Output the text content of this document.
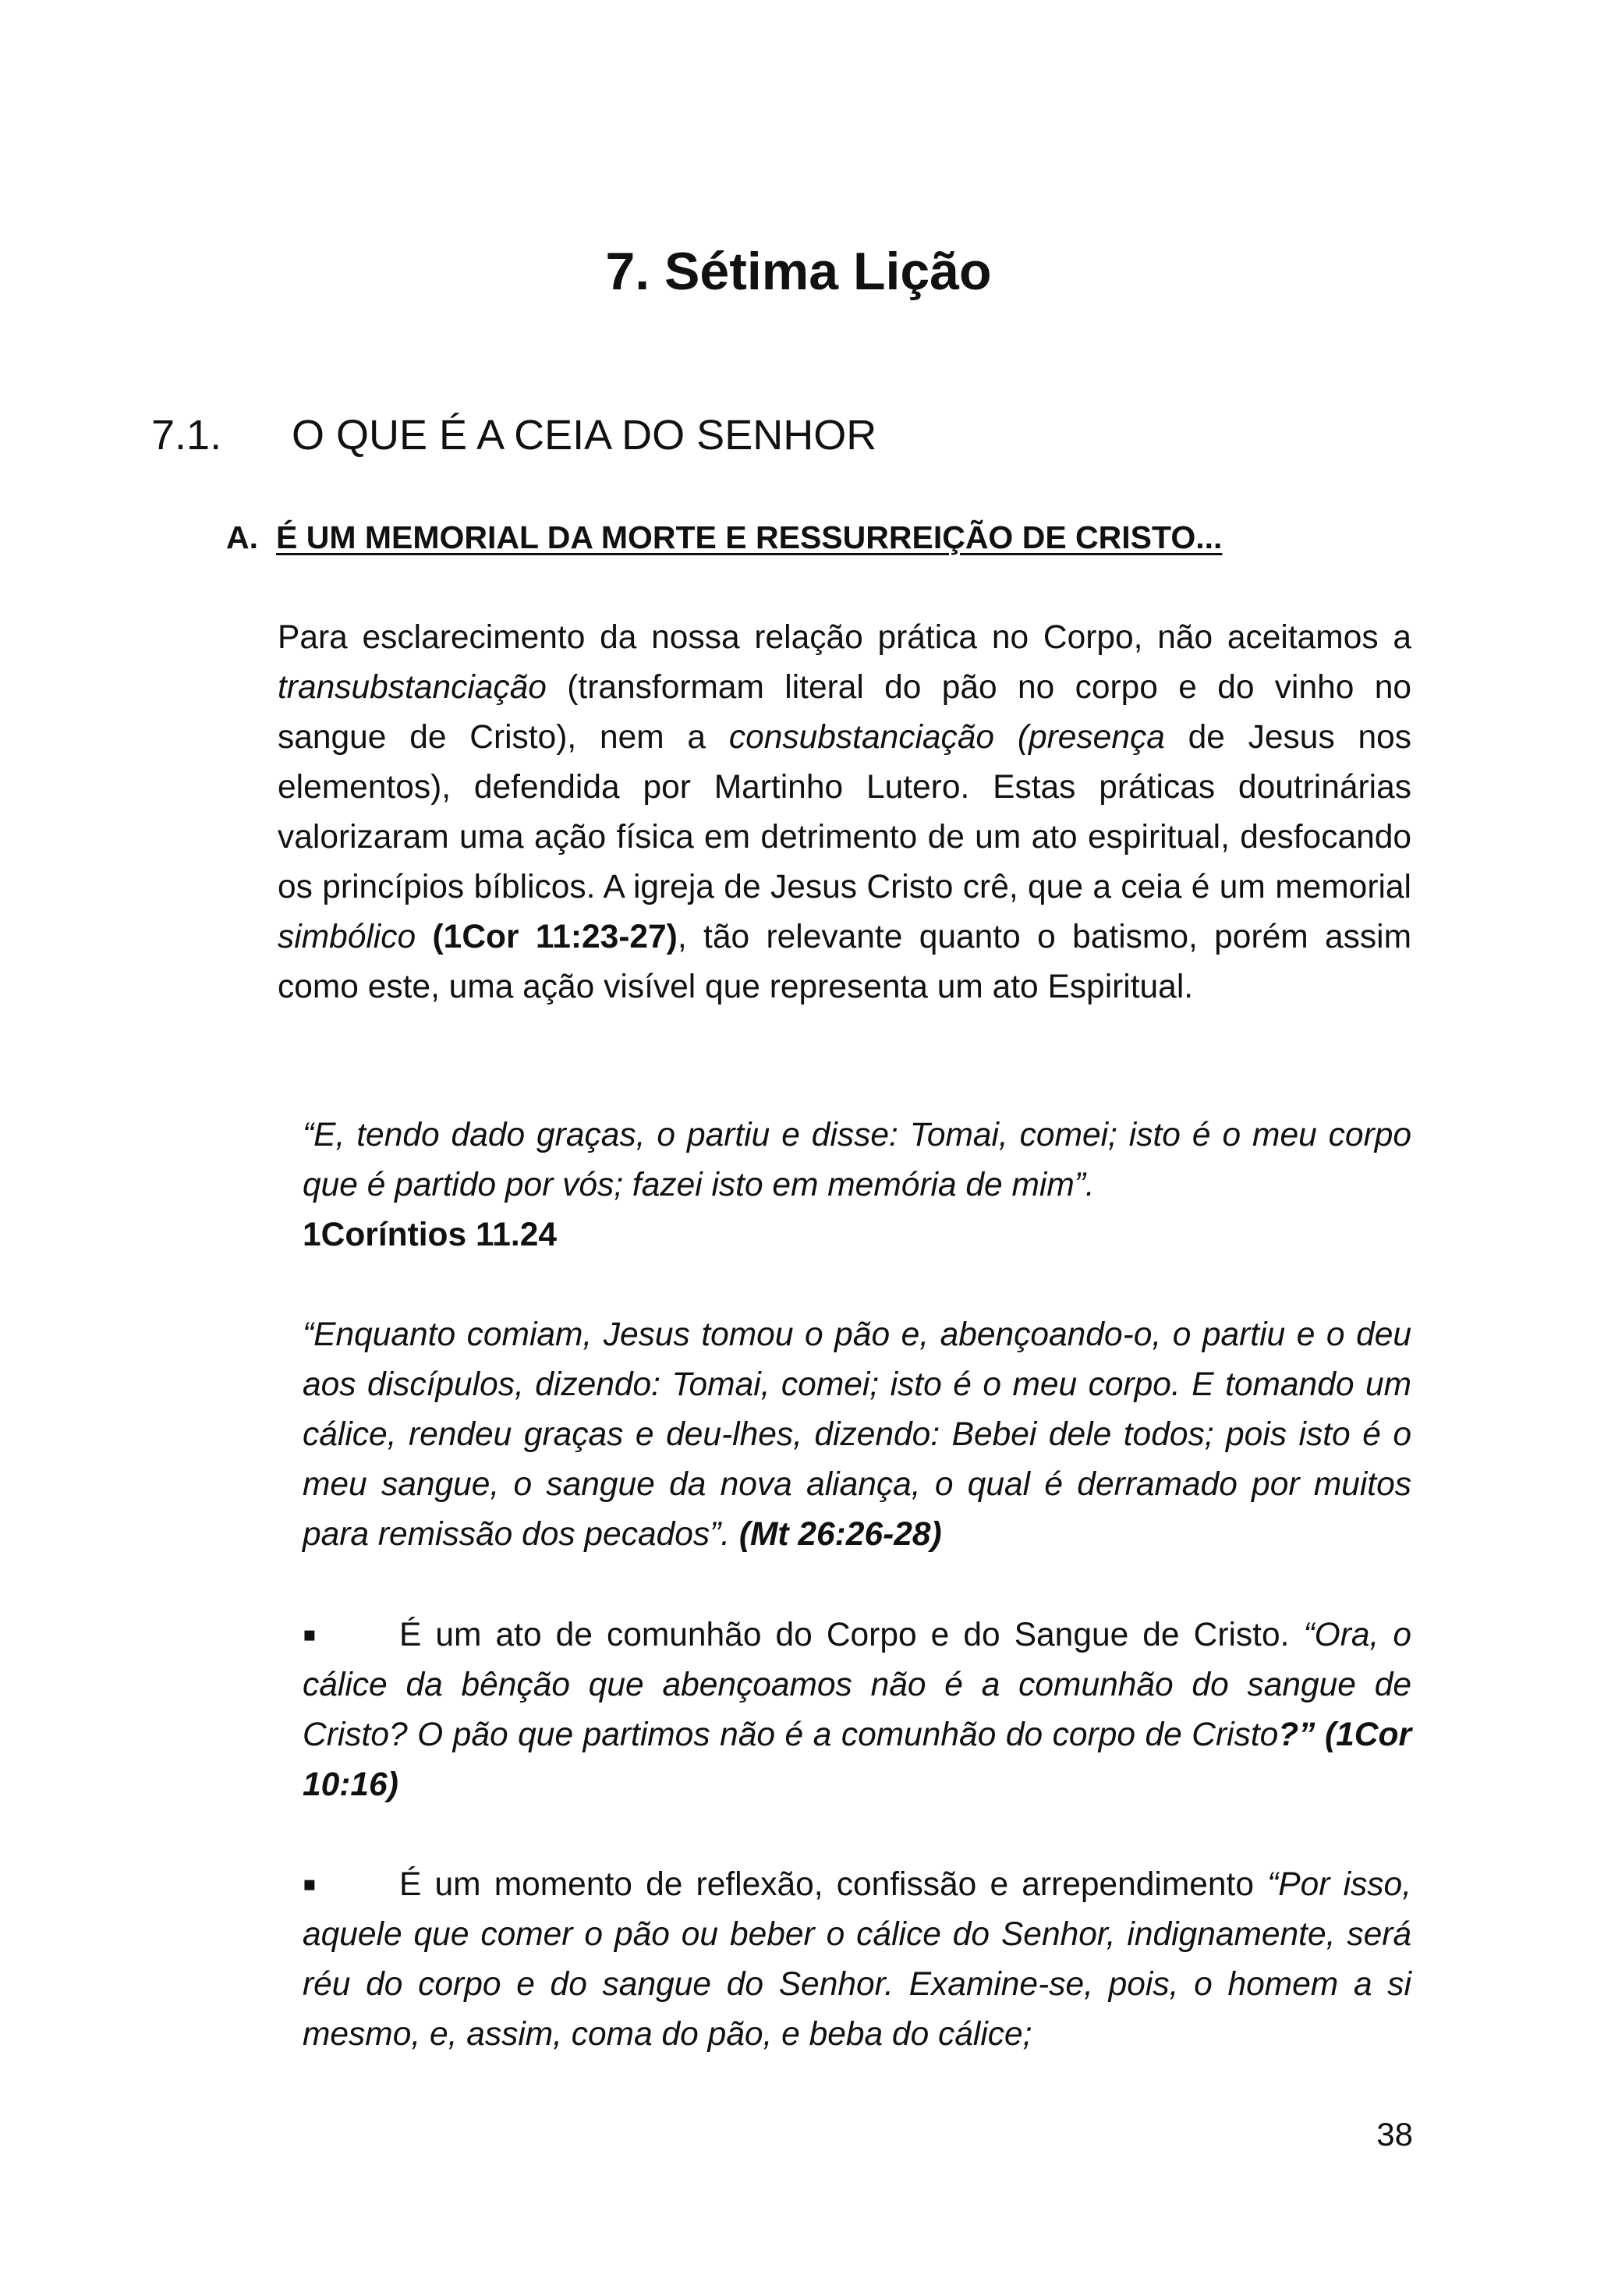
7. Sétima Lição
7.1. O QUE É A CEIA DO SENHOR
A. É UM MEMORIAL DA MORTE E RESSURREIÇÃO DE CRISTO...

Para esclarecimento da nossa relação prática no Corpo, não aceitamos a transubstanciação (transformam literal do pão no corpo e do vinho no sangue de Cristo), nem a consubstanciação (presença de Jesus nos elementos), defendida por Martinho Lutero. Estas práticas doutrinárias valorizaram uma ação física em detrimento de um ato espiritual, desfocando os princípios bíblicos. A igreja de Jesus Cristo crê, que a ceia é um memorial simbólico (1Cor 11:23-27), tão relevante quanto o batismo, porém assim como este, uma ação visível que representa um ato Espiritual.

“E, tendo dado graças, o partiu e disse: Tomai, comei; isto é o meu corpo que é partido por vós; fazei isto em memória de mim”.
1Coríntios 11.24

“Enquanto comiam, Jesus tomou o pão e, abençoando-o, o partiu e o deu aos discípulos, dizendo: Tomai, comei; isto é o meu corpo. E tomando um cálice, rendeu graças e deu-lhes, dizendo: Bebei dele todos; pois isto é o meu sangue, o sangue da nova aliança, o qual é derramado por muitos para remissão dos pecados”. (Mt 26:26-28)

▪É um ato de comunhão do Corpo e do Sangue de Cristo. “Ora, o cálice da bênção que abençoamos não é a comunhão do sangue de Cristo? O pão que partimos não é a comunhão do corpo de Cristo?” (1Cor 10:16)

▪É um momento de reflexão, confissão e arrependimento “Por isso, aquele que comer o pão ou beber o cálice do Senhor, indignamente, será réu do corpo e do sangue do Senhor. Examine-se, pois, o homem a si mesmo, e, assim, coma do pão, e beba do cálice;

38
